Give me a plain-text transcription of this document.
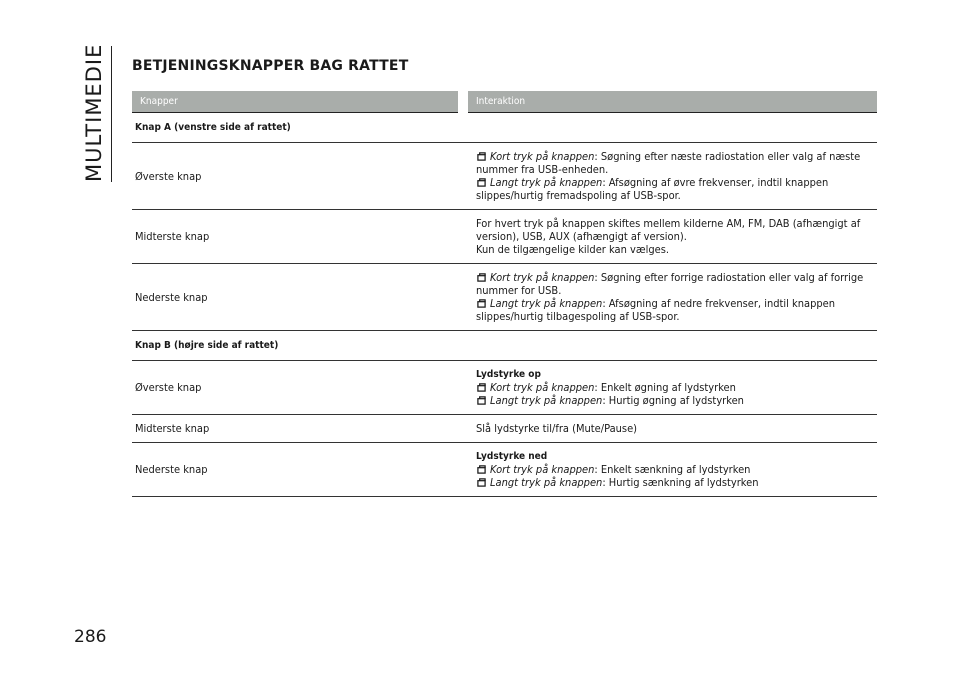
MULTIMEDIE BETJENINGSKNAPPER BAG RATTET
Knapper	Interaktion
Knap A (venstre side af rattet)	
Øverste knap	Kort tryk på knappen: Søgning efter næste radiostation eller valg af næste nummer fra USB-enheden.
Langt tryk på knappen: Afsøgning af øvre frekvenser, indtil knappen slippes/hurtig fremadspoling af USB-spor.

Midterste knap	For hvert tryk på knappen skiftes mellem kilderne AM, FM, DAB (afhængigt af version), USB, AUX (afhængigt af version).
Kun de tilgængelige kilder kan vælges.

Nederste knap	Kort tryk på knappen: Søgning efter forrige radiostation eller valg af forrige nummer for USB.
Langt tryk på knappen: Afsøgning af nedre frekvenser, indtil knappen slippes/hurtig tilbagespoling af USB-spor.

Knap B (højre side af rattet)	
Øverste knap	Lydstyrke op
Kort tryk på knappen: Enkelt øgning af lydstyrken
Langt tryk på knappen: Hurtig øgning af lydstyrken

Midterste knap	Slå lydstyrke til/fra (Mute/Pause)

Nederste knap	Lydstyrke ned
Kort tryk på knappen: Enkelt sænkning af lydstyrken
Langt tryk på knappen: Hurtig sænkning af lydstyrken
286
